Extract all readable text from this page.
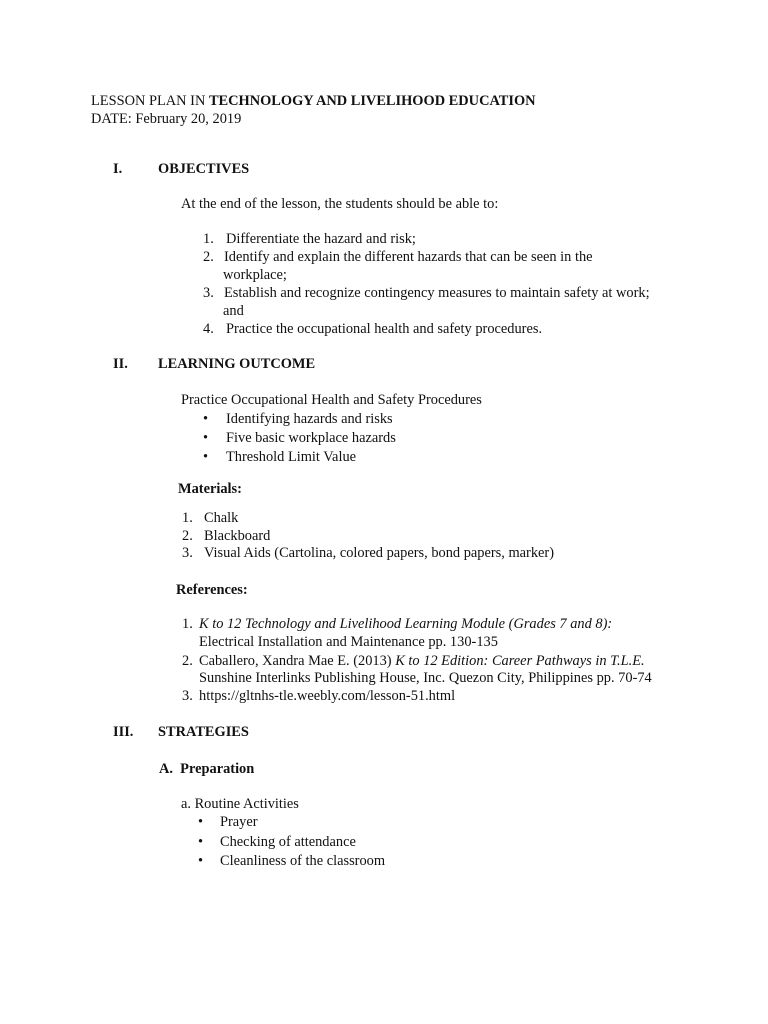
LESSON PLAN IN TECHNOLOGY AND LIVELIHOOD EDUCATION
DATE: February 20, 2019
I. OBJECTIVES
At the end of the lesson, the students should be able to:
1. Differentiate the hazard and risk;
2. Identify and explain the different hazards that can be seen in the
workplace;
3. Establish and recognize contingency measures to maintain safety at work;
and
4. Practice the occupational health and safety procedures.
II. LEARNING OUTCOME
Practice Occupational Health and Safety Procedures
• Identifying hazards and risks
• Five basic workplace hazards
• Threshold Limit Value
Materials:
1. Chalk
2. Blackboard
3. Visual Aids (Cartolina, colored papers, bond papers, marker)
References:
1. K to 12 Technology and Livelihood Learning Module (Grades 7 and 8):
Electrical Installation and Maintenance pp. 130-135
2. Caballero, Xandra Mae E. (2013) K to 12 Edition: Career Pathways in T.L.E.
Sunshine Interlinks Publishing House, Inc. Quezon City, Philippines pp. 70-74
3. https://gltnhs-tle.weebly.com/lesson-51.html
III. STRATEGIES
A.  Preparation
a. Routine Activities
• Prayer
• Checking of attendance
• Cleanliness of the classroom
